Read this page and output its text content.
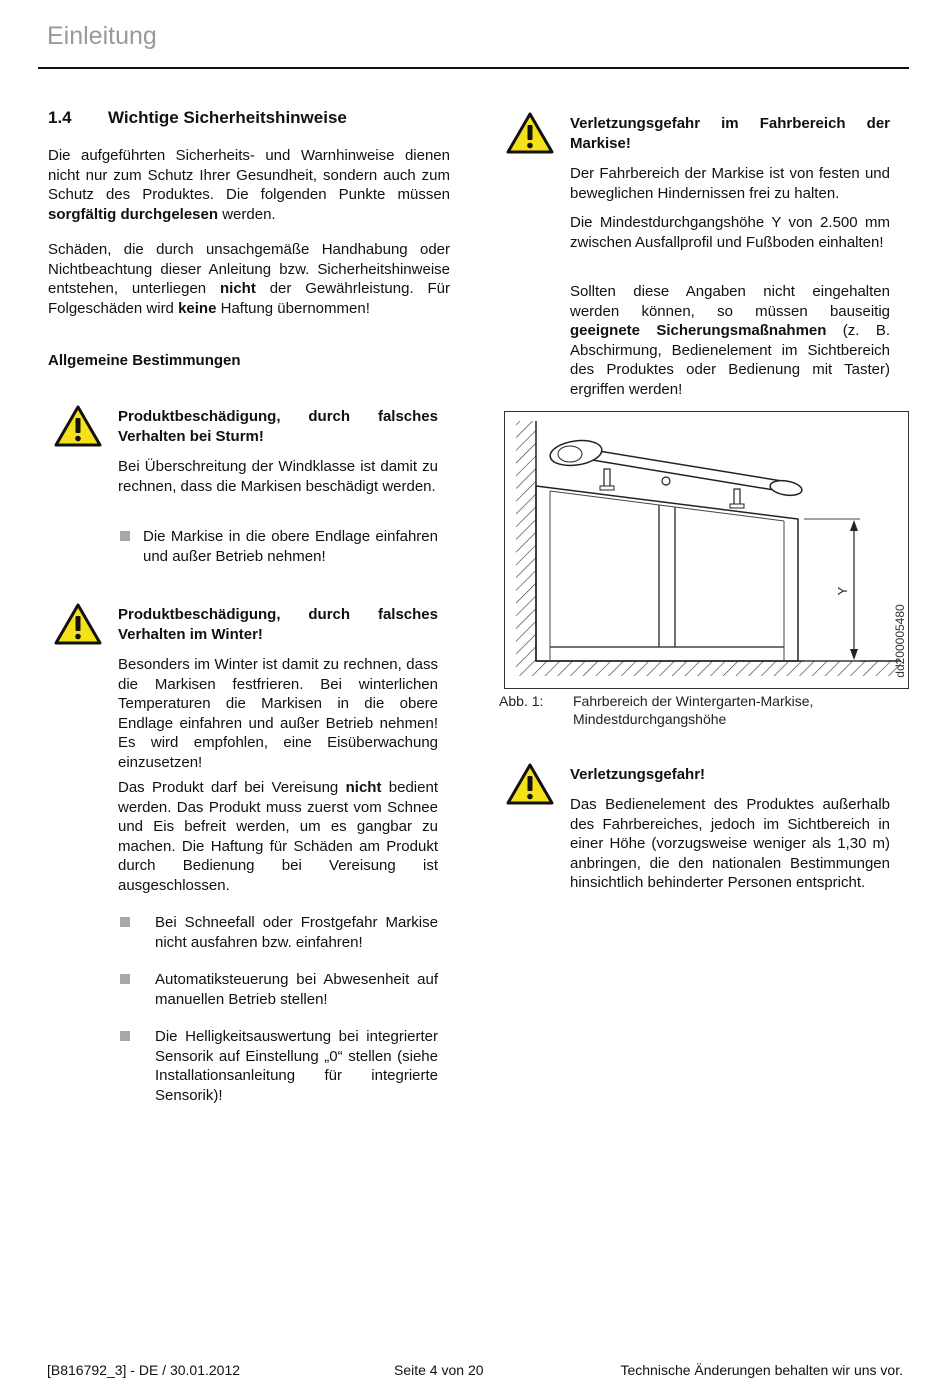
Einleitung
1.4 Wichtige Sicherheitshinweise

Die aufgeführten Sicherheits- und Warnhinweise dienen nicht nur zum Schutz Ihrer Gesundheit, sondern auch zum Schutz des Produktes. Die folgenden Punkte müssen sorgfältig durchgelesen werden.

Schäden, die durch unsachgemäße Handhabung oder Nichtbeachtung dieser Anleitung bzw. Sicherheitshinweise entstehen, unterliegen nicht der Gewährleistung. Für Folgeschäden wird keine Haftung übernommen!

Allgemeine Bestimmungen

Produktbeschädigung, durch falsches Verhalten bei Sturm!

Bei Überschreitung der Windklasse ist damit zu rechnen, dass die Markisen beschädigt werden.

Die Markise in die obere Endlage einfahren und außer Betrieb nehmen!

Produktbeschädigung, durch falsches Verhalten im Winter!

Besonders im Winter ist damit zu rechnen, dass die Markisen festfrieren. Bei winterlichen Temperaturen die Markisen in die obere Endlage einfahren und außer Betrieb nehmen! Es wird empfohlen, eine Eisüberwachung einzusetzen!

Das Produkt darf bei Vereisung nicht bedient werden. Das Produkt muss zuerst vom Schnee und Eis befreit werden, um es gangbar zu machen. Die Haftung für Schäden am Produkt durch Bedienung bei Vereisung ist ausgeschlossen.

Bei Schneefall oder Frostgefahr Markise nicht ausfahren bzw. einfahren!

Automatiksteuerung bei Abwesenheit auf manuellen Betrieb stellen!

Die Helligkeitsauswertung bei integrierter Sensorik auf Einstellung „0“ stellen (siehe Installationsanleitung für integrierte Sensorik)!

Verletzungsgefahr im Fahrbereich der Markise!

Der Fahrbereich der Markise ist von festen und beweglichen Hindernissen frei zu halten.

Die Mindestdurchgangshöhe Y von 2.500 mm zwischen Ausfallprofil und Fußboden einhalten!

Sollten diese Angaben nicht eingehalten werden können, so müssen bauseitig geeignete Sicherungsmaßnahmen (z. B. Abschirmung, Bedienelement im Sichtbereich des Produktes oder Bedienung mit Taster) ergriffen werden!

Y
dd200005480
Abb. 1: Fahrbereich der Wintergarten-Markise, Mindestdurchgangshöhe

Verletzungsgefahr!

Das Bedienelement des Produktes außerhalb des Fahrbereiches, jedoch im Sichtbereich in einer Höhe (vorzugsweise weniger als 1,30 m) anbringen, die den nationalen Bestimmungen hinsichtlich behinderter Personen entspricht.

[B816792_3] - DE / 30.01.2012	Seite 4 von 20	Technische Änderungen behalten wir uns vor.
